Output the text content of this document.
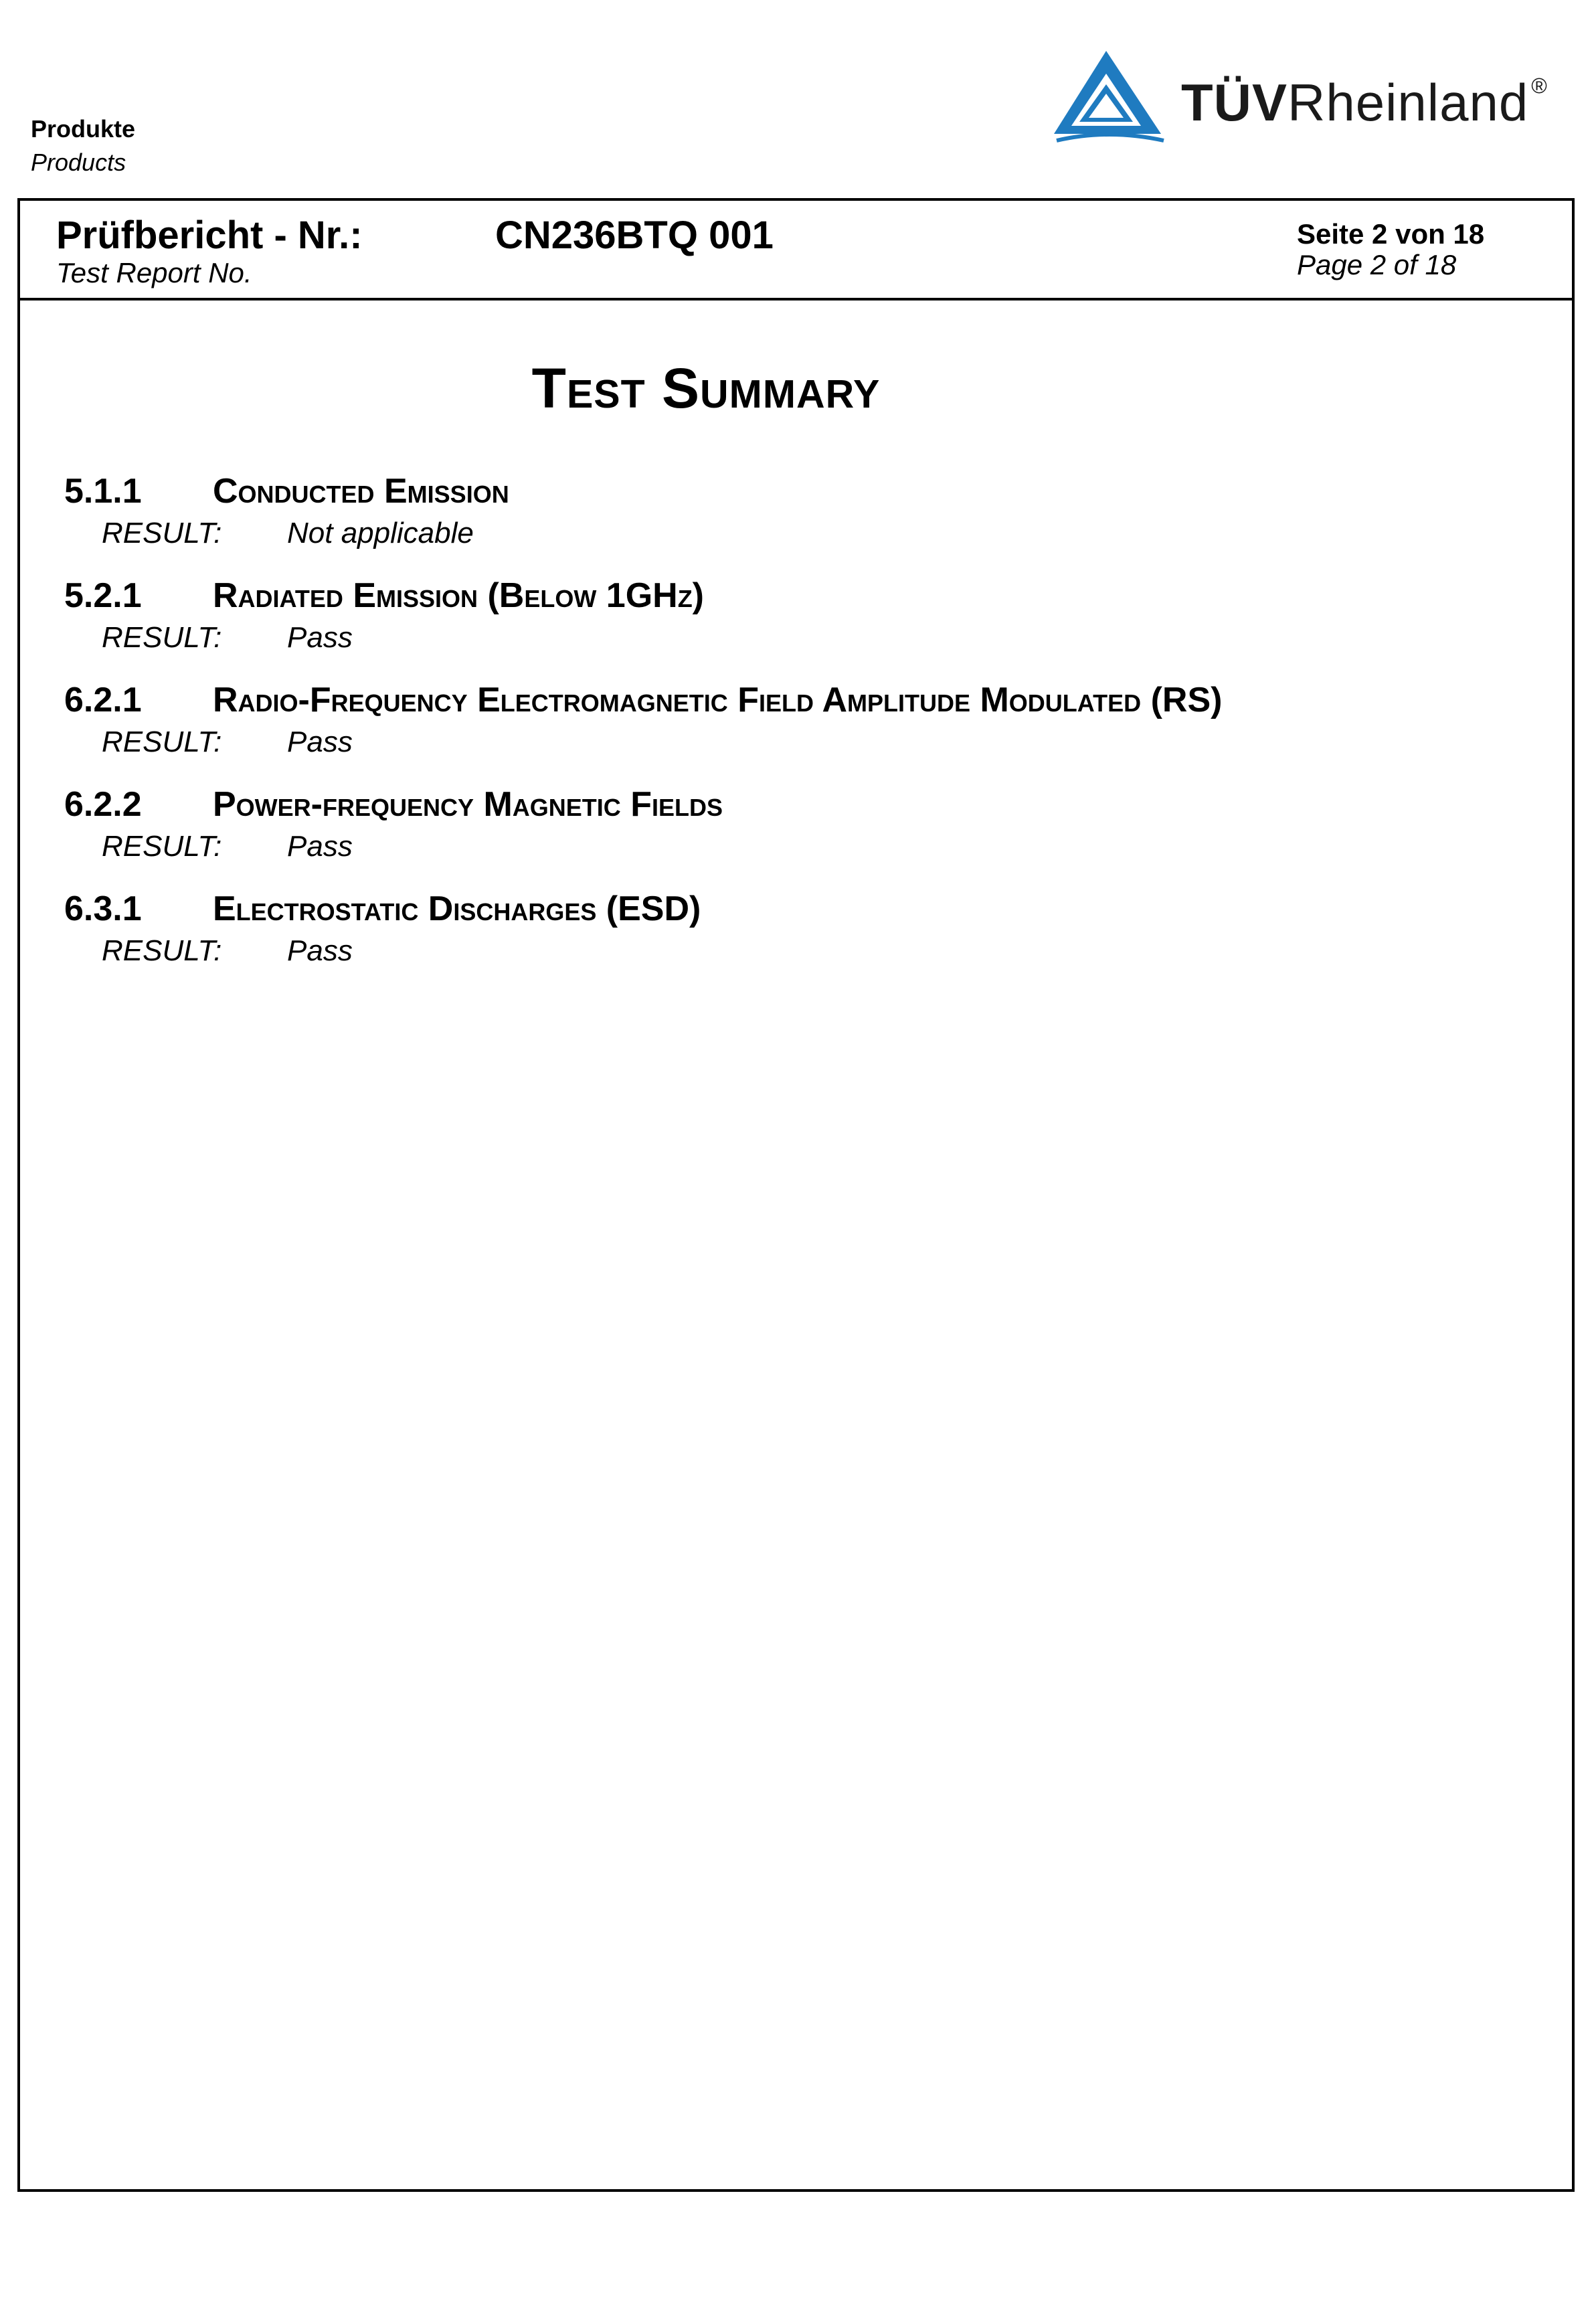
Produkte
Products
TÜVRheinland ®
Prüfbericht - Nr.:
Test Report No.
CN236BTQ 001	Seite 2 von 18
Page 2 of 18
Test Summary
5.1.1 Conducted Emission
RESULT: Not applicable
5.2.1 Radiated Emission (Below 1GHz)
RESULT: Pass
6.2.1 Radio-Frequency Electromagnetic Field Amplitude Modulated (RS)
RESULT: Pass
6.2.2 Power-frequency Magnetic Fields
RESULT: Pass
6.3.1 Electrostatic Discharges (ESD)
RESULT: Pass
